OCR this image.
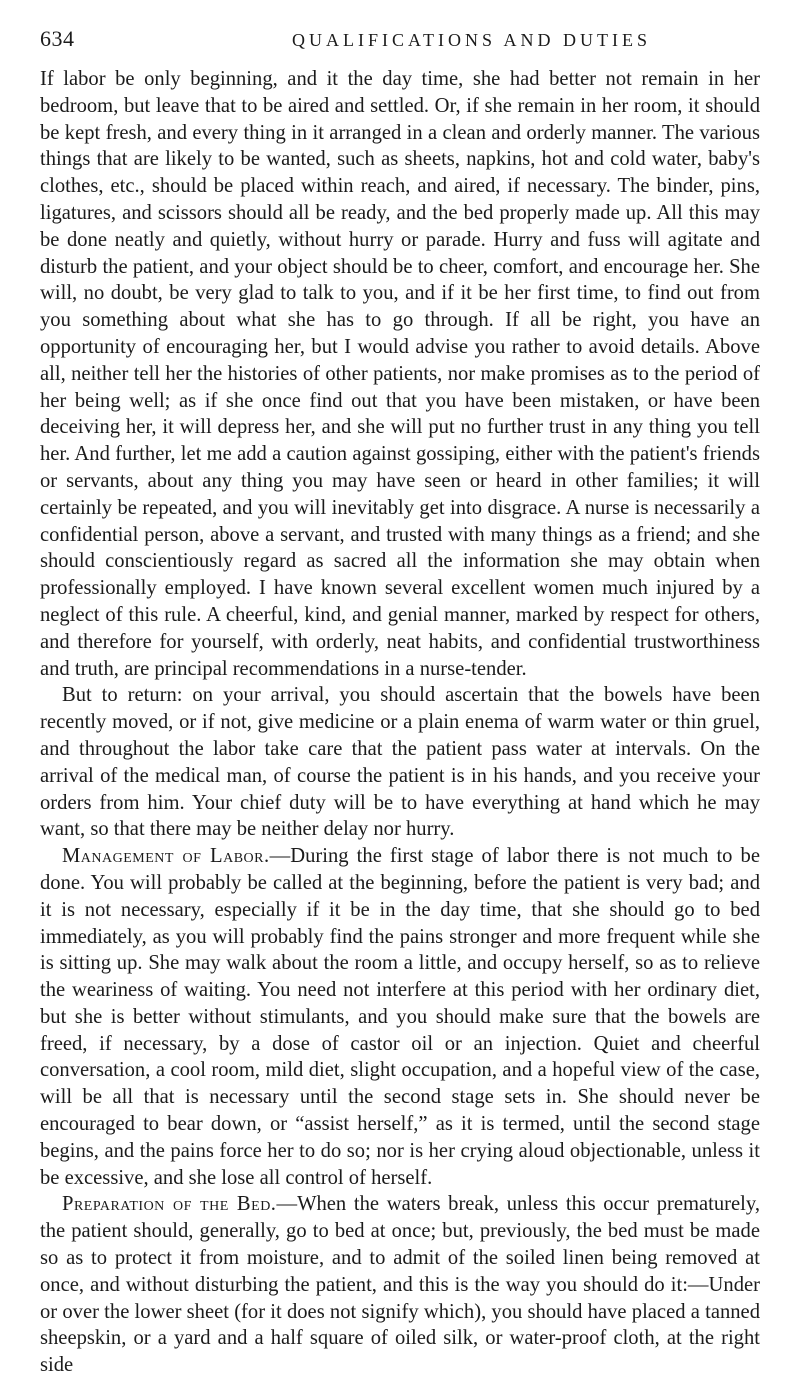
634	QUALIFICATIONS AND DUTIES

If labor be only beginning, and it the day time, she had better not remain in her bedroom, but leave that to be aired and settled. Or, if she remain in her room, it should be kept fresh, and every thing in it arranged in a clean and orderly manner. The various things that are likely to be wanted, such as sheets, napkins, hot and cold water, baby's clothes, etc., should be placed within reach, and aired, if necessary. The binder, pins, ligatures, and scissors should all be ready, and the bed properly made up. All this may be done neatly and quietly, without hurry or parade. Hurry and fuss will agitate and disturb the patient, and your object should be to cheer, comfort, and encourage her. She will, no doubt, be very glad to talk to you, and if it be her first time, to find out from you something about what she has to go through. If all be right, you have an opportunity of encouraging her, but I would advise you rather to avoid details. Above all, neither tell her the histories of other patients, nor make promises as to the period of her being well; as if she once find out that you have been mistaken, or have been deceiving her, it will depress her, and she will put no further trust in any thing you tell her. And further, let me add a caution against gossiping, either with the patient's friends or servants, about any thing you may have seen or heard in other families; it will certainly be repeated, and you will inevitably get into disgrace. A nurse is necessarily a confidential person, above a servant, and trusted with many things as a friend; and she should conscientiously regard as sacred all the information she may obtain when professionally employed. I have known several excellent women much injured by a neglect of this rule. A cheerful, kind, and genial manner, marked by respect for others, and therefore for yourself, with orderly, neat habits, and confidential trustworthiness and truth, are principal recommendations in a nurse-tender.

But to return: on your arrival, you should ascertain that the bowels have been recently moved, or if not, give medicine or a plain enema of warm water or thin gruel, and throughout the labor take care that the patient pass water at intervals. On the arrival of the medical man, of course the patient is in his hands, and you receive your orders from him. Your chief duty will be to have everything at hand which he may want, so that there may be neither delay nor hurry.

Management of Labor.—During the first stage of labor there is not much to be done. You will probably be called at the beginning, before the patient is very bad; and it is not necessary, especially if it be in the day time, that she should go to bed immediately, as you will probably find the pains stronger and more frequent while she is sitting up. She may walk about the room a little, and occupy herself, so as to relieve the weariness of waiting. You need not interfere at this period with her ordinary diet, but she is better without stimulants, and you should make sure that the bowels are freed, if necessary, by a dose of castor oil or an injection. Quiet and cheerful conversation, a cool room, mild diet, slight occupation, and a hopeful view of the case, will be all that is necessary until the second stage sets in. She should never be encouraged to bear down, or “assist herself,” as it is termed, until the second stage begins, and the pains force her to do so; nor is her crying aloud objectionable, unless it be excessive, and she lose all control of herself.

Preparation of the Bed.—When the waters break, unless this occur prematurely, the patient should, generally, go to bed at once; but, previously, the bed must be made so as to protect it from moisture, and to admit of the soiled linen being removed at once, and without disturbing the patient, and this is the way you should do it:—Under or over the lower sheet (for it does not signify which), you should have placed a tanned sheepskin, or a yard and a half square of oiled silk, or water-proof cloth, at the right side
